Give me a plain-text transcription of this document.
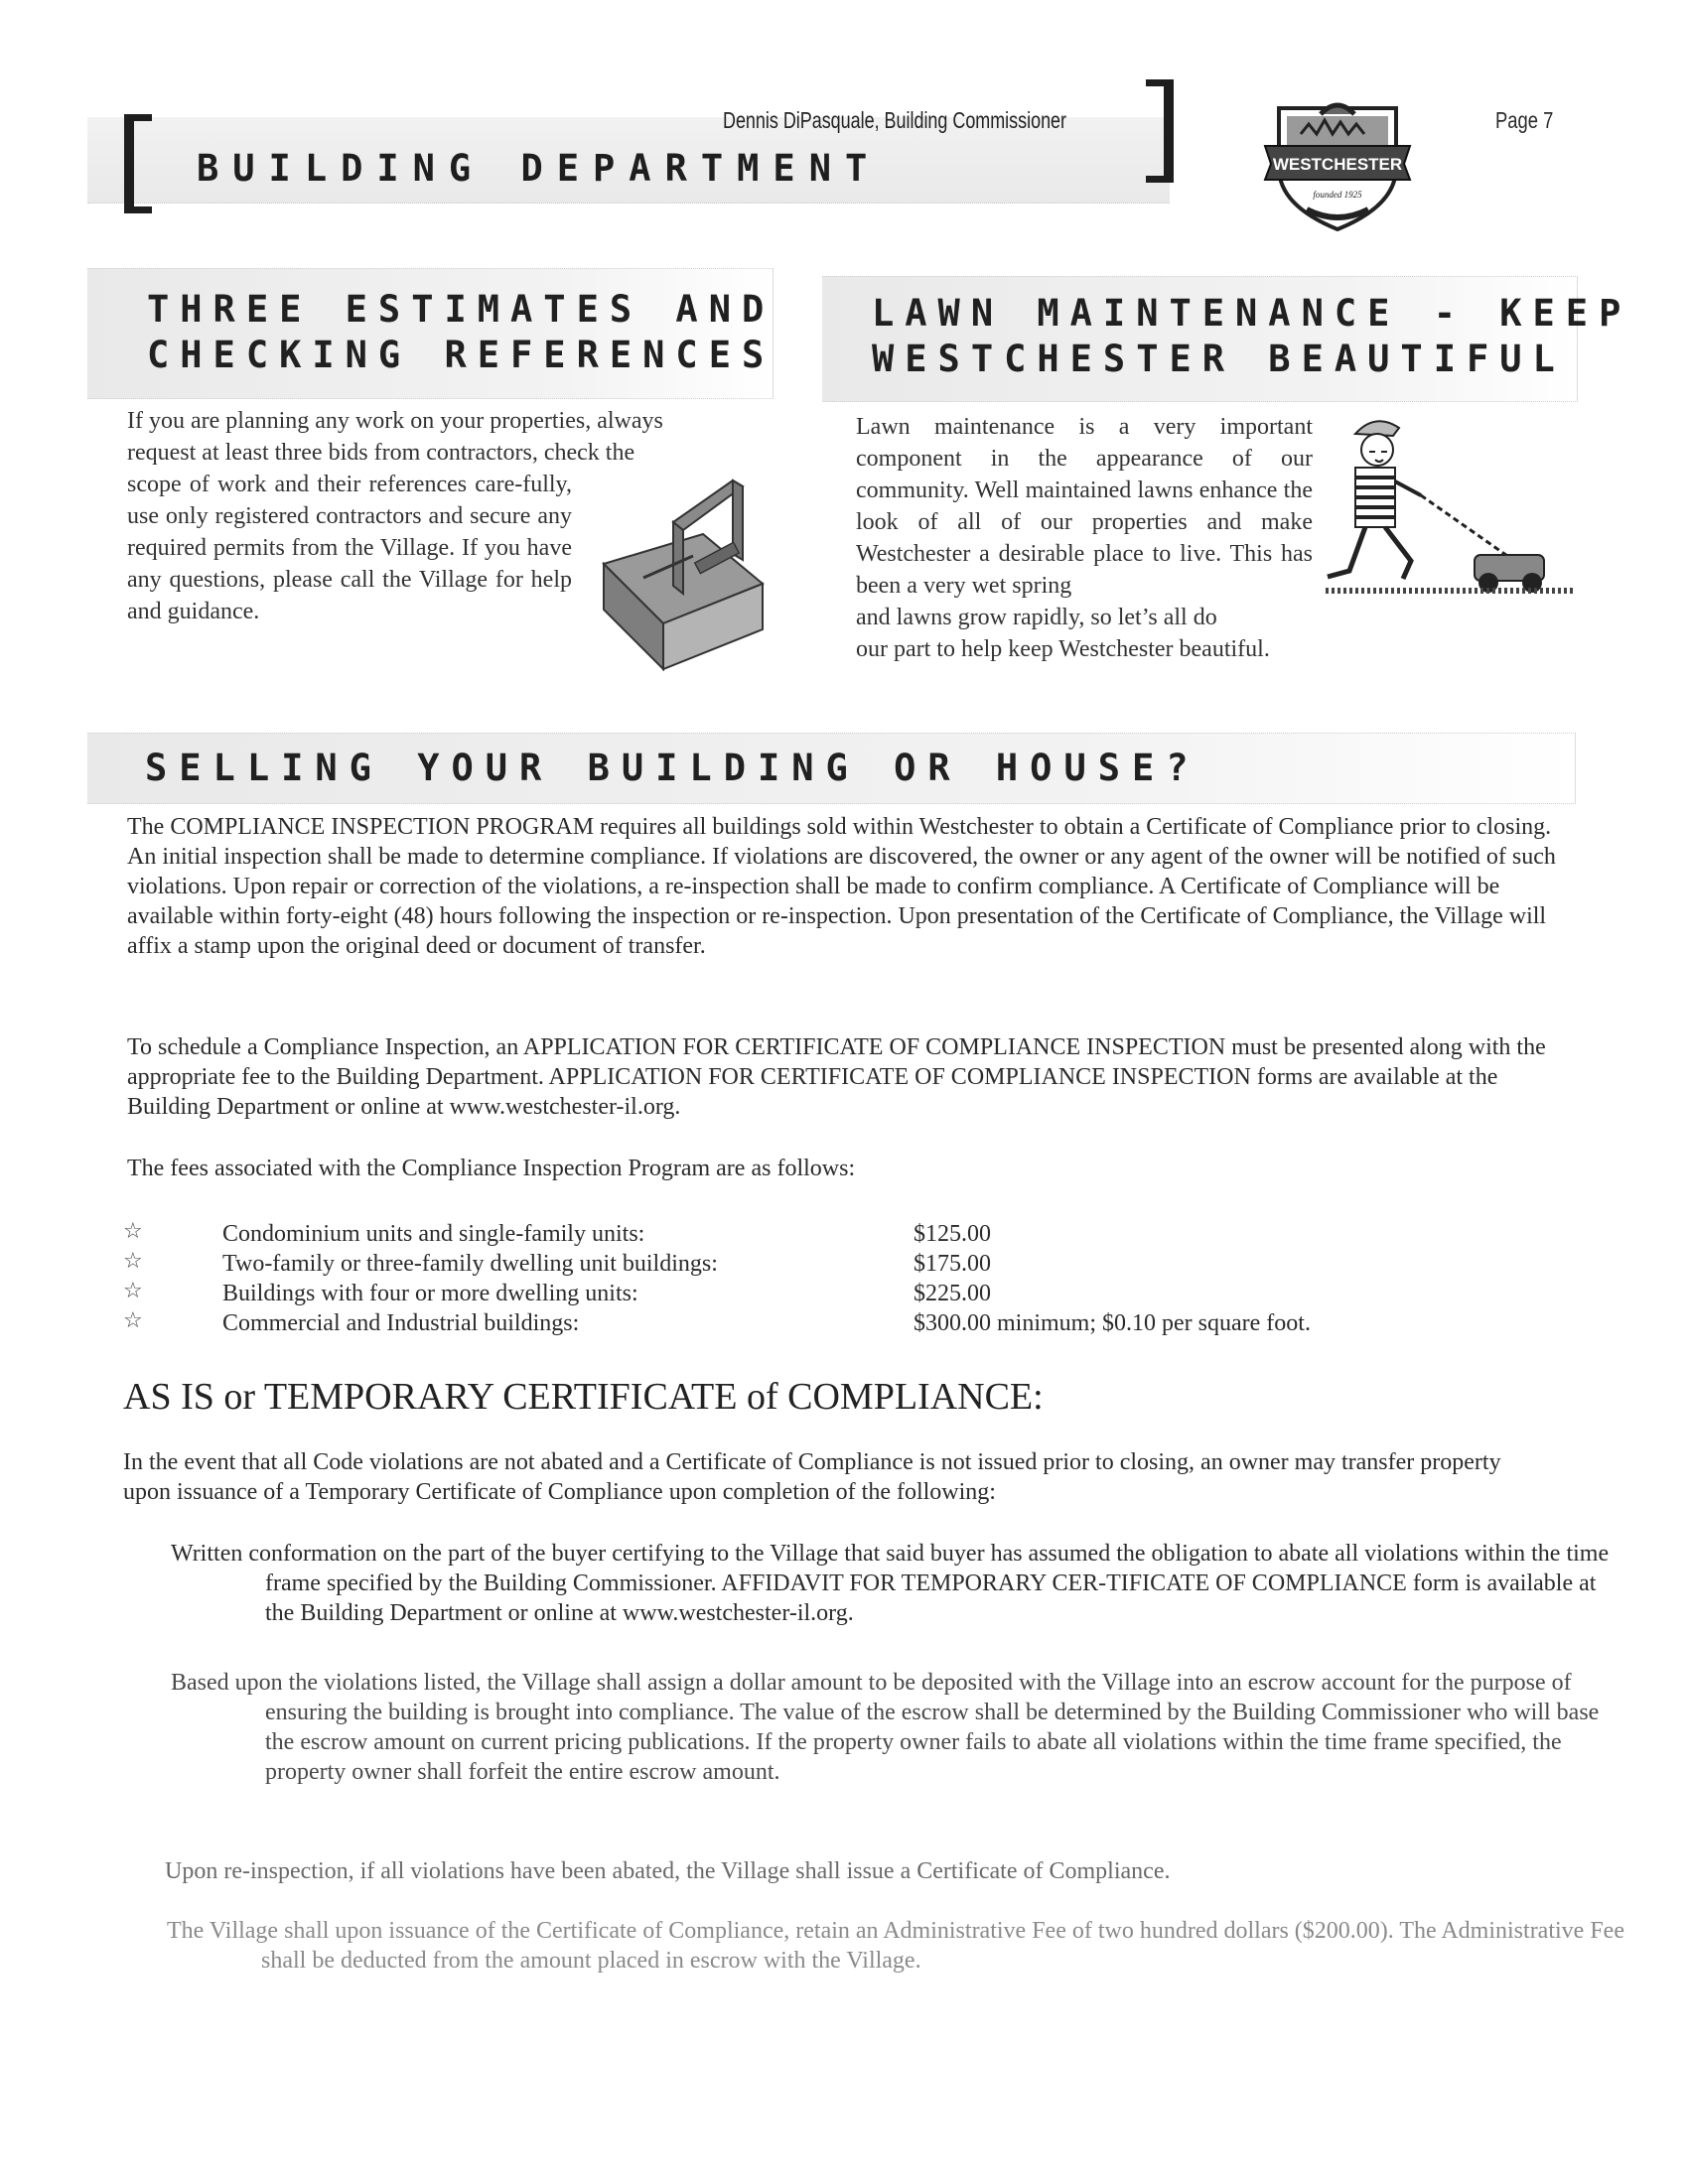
BUILDING DEPARTMENT
Dennis DiPasquale, Building Commissioner
WESTCHESTER
founded 1925
Page 7
THREE ESTIMATES AND
CHECKING REFERENCES

If you are planning any work on your properties, always

request at least three bids from contractors, check the

scope of work and their references care-fully, use only registered contractors and secure any required permits from the Village. If you have any questions, please call the Village for help and guidance.
LAWN MAINTENANCE - KEEP
WESTCHESTER BEAUTIFUL
Lawn maintenance is a very important component in the appearance of our community. Well maintained lawns enhance the look of all of our properties and make Westchester a desirable place to live. This has been a very wet spring

and lawns grow rapidly, so let’s all do

our part to help keep Westchester beautiful.

SELLING YOUR BUILDING OR HOUSE?

The COMPLIANCE INSPECTION PROGRAM requires all buildings sold within Westchester to obtain a Certificate of Compliance prior to closing. An initial inspection shall be made to determine compliance. If violations are discovered, the owner or any agent of the owner will be notified of such violations. Upon repair or correction of the violations, a re-inspection shall be made to confirm compliance. A Certificate of Compliance will be available within forty-eight (48) hours following the inspection or re-inspection. Upon presentation of the Certificate of Compliance, the Village will affix a stamp upon the original deed or document of transfer.

To schedule a Compliance Inspection, an APPLICATION FOR CERTIFICATE OF COMPLIANCE INSPECTION must be presented along with the appropriate fee to the Building Department. APPLICATION FOR CERTIFICATE OF COMPLIANCE INSPECTION forms are available at the Building Department or online at www.westchester-il.org.

The fees associated with the Compliance Inspection Program are as follows:

☆	Condominium units and single-family units:	$125.00
☆	Two-family or three-family dwelling unit buildings:	$175.00
☆	Buildings with four or more dwelling units:	$225.00
☆	Commercial and Industrial buildings:	$300.00 minimum; $0.10 per square foot.
AS IS or TEMPORARY CERTIFICATE of COMPLIANCE:

In the event that all Code violations are not abated and a Certificate of Compliance is not issued prior to closing, an owner may transfer property upon issuance of a Temporary Certificate of Compliance upon completion of the following:

Written conformation on the part of the buyer certifying to the Village that said buyer has assumed the obligation to abate all violations within the time frame specified by the Building Commissioner. AFFIDAVIT FOR TEMPORARY CER-TIFICATE OF COMPLIANCE form is available at the Building Department or online at www.westchester-il.org.

Based upon the violations listed, the Village shall assign a dollar amount to be deposited with the Village into an escrow account for the purpose of ensuring the building is brought into compliance. The value of the escrow shall be determined by the Building Commissioner who will base the escrow amount on current pricing publications. If the property owner fails to abate all violations within the time frame specified, the property owner shall forfeit the entire escrow amount.

Upon re-inspection, if all violations have been abated, the Village shall issue a Certificate of Compliance.

The Village shall upon issuance of the Certificate of Compliance, retain an Administrative Fee of two hundred dollars ($200.00). The Administrative Fee shall be deducted from the amount placed in escrow with the Village.
